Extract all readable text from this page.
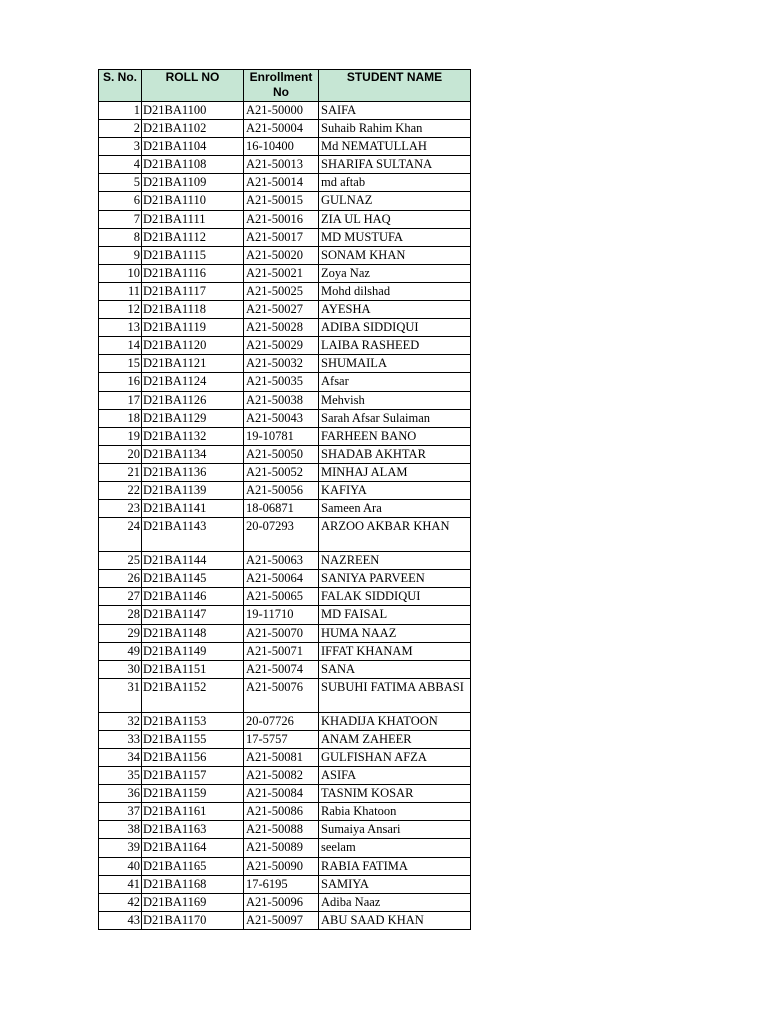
S. No.	ROLL NO	Enrollment No	STUDENT NAME
1	D21BA1100	A21-50000	SAIFA
2	D21BA1102	A21-50004	Suhaib Rahim Khan
3	D21BA1104	16-10400	Md NEMATULLAH
4	D21BA1108	A21-50013	SHARIFA SULTANA
5	D21BA1109	A21-50014	md aftab
6	D21BA1110	A21-50015	GULNAZ
7	D21BA1111	A21-50016	ZIA UL HAQ
8	D21BA1112	A21-50017	MD MUSTUFA
9	D21BA1115	A21-50020	SONAM KHAN
10	D21BA1116	A21-50021	Zoya Naz
11	D21BA1117	A21-50025	Mohd dilshad
12	D21BA1118	A21-50027	AYESHA
13	D21BA1119	A21-50028	ADIBA SIDDIQUI
14	D21BA1120	A21-50029	LAIBA RASHEED
15	D21BA1121	A21-50032	SHUMAILA
16	D21BA1124	A21-50035	Afsar
17	D21BA1126	A21-50038	Mehvish
18	D21BA1129	A21-50043	Sarah Afsar Sulaiman
19	D21BA1132	19-10781	FARHEEN BANO
20	D21BA1134	A21-50050	SHADAB AKHTAR
21	D21BA1136	A21-50052	MINHAJ ALAM
22	D21BA1139	A21-50056	KAFIYA
23	D21BA1141	18-06871	Sameen Ara
24	D21BA1143	20-07293	ARZOO AKBAR KHAN
25	D21BA1144	A21-50063	NAZREEN
26	D21BA1145	A21-50064	SANIYA PARVEEN
27	D21BA1146	A21-50065	FALAK SIDDIQUI
28	D21BA1147	19-11710	MD FAISAL
29	D21BA1148	A21-50070	HUMA NAAZ
49	D21BA1149	A21-50071	IFFAT KHANAM
30	D21BA1151	A21-50074	SANA
31	D21BA1152	A21-50076	SUBUHI FATIMA ABBASI
32	D21BA1153	20-07726	KHADIJA KHATOON
33	D21BA1155	17-5757	ANAM ZAHEER
34	D21BA1156	A21-50081	GULFISHAN AFZA
35	D21BA1157	A21-50082	ASIFA
36	D21BA1159	A21-50084	TASNIM KOSAR
37	D21BA1161	A21-50086	Rabia Khatoon
38	D21BA1163	A21-50088	Sumaiya Ansari
39	D21BA1164	A21-50089	seelam
40	D21BA1165	A21-50090	RABIA FATIMA
41	D21BA1168	17-6195	SAMIYA
42	D21BA1169	A21-50096	Adiba Naaz
43	D21BA1170	A21-50097	ABU SAAD KHAN
